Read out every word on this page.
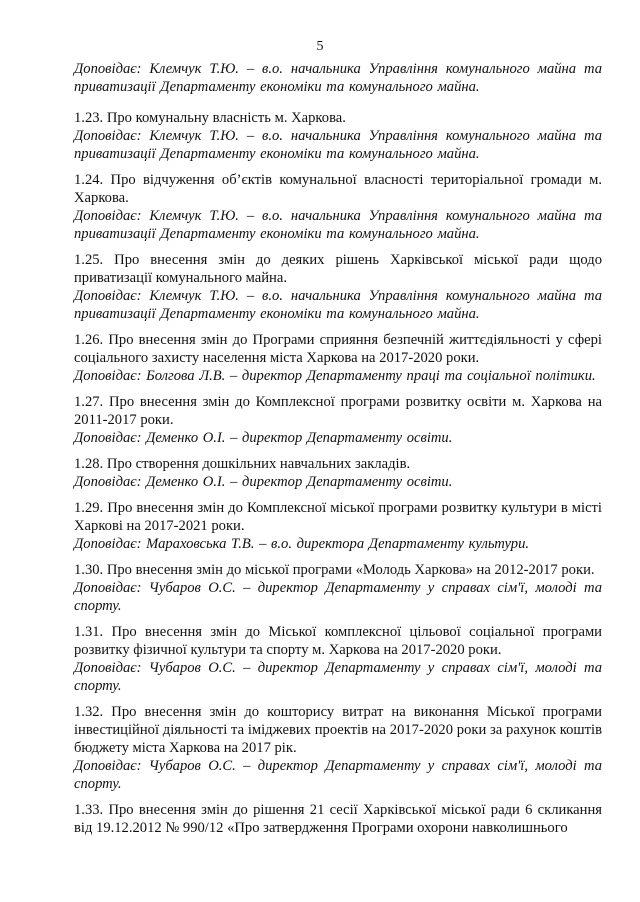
5
Доповідає: Клемчук Т.Ю. – в.о. начальника Управління комунального майна та приватизації Департаменту економіки та комунального майна.
1.23. Про комунальну власність м. Харкова.
Доповідає: Клемчук Т.Ю. – в.о. начальника Управління комунального майна та приватизації Департаменту економіки та комунального майна.
1.24. Про відчуження об’єктів комунальної власності територіальної громади м. Харкова.
Доповідає: Клемчук Т.Ю. – в.о. начальника Управління комунального майна та приватизації Департаменту економіки та комунального майна.
1.25. Про внесення змін до деяких рішень Харківської міської ради щодо приватизації комунального майна.
Доповідає: Клемчук Т.Ю. – в.о. начальника Управління комунального майна та приватизації Департаменту економіки та комунального майна.
1.26. Про внесення змін до Програми сприяння безпечній життєдіяльності у сфері соціального захисту населення міста Харкова на 2017-2020 роки.
Доповідає: Болгова Л.В. – директор Департаменту праці та соціальної політики.
1.27. Про внесення змін до Комплексної програми розвитку освіти м. Харкова на 2011-2017 роки.
Доповідає: Деменко О.І. – директор Департаменту освіти.
1.28. Про створення дошкільних навчальних закладів.
Доповідає: Деменко О.І. – директор Департаменту освіти.
1.29. Про внесення змін до Комплексної міської програми розвитку культури в місті Харкові на 2017-2021 роки.
Доповідає: Мараховська Т.В. – в.о. директора Департаменту культури.
1.30. Про внесення змін до міської програми «Молодь Харкова» на 2012-2017 роки.
Доповідає: Чубаров О.С. – директор Департаменту у справах сім'ї, молоді та спорту.
1.31. Про внесення змін до Міської комплексної цільової соціальної програми розвитку фізичної культури та спорту м. Харкова на 2017-2020 роки.
Доповідає: Чубаров О.С. – директор Департаменту у справах сім'ї, молоді та спорту.
1.32. Про внесення змін до кошторису витрат на виконання Міської програми інвестиційної діяльності та іміджевих проектів на 2017-2020 роки за рахунок коштів бюджету міста Харкова на 2017 рік.
Доповідає: Чубаров О.С. – директор Департаменту у справах сім'ї, молоді та спорту.
1.33. Про внесення змін до рішення 21 сесії Харківської міської ради 6 скликання від 19.12.2012 № 990/12 «Про затвердження Програми охорони навколишнього
